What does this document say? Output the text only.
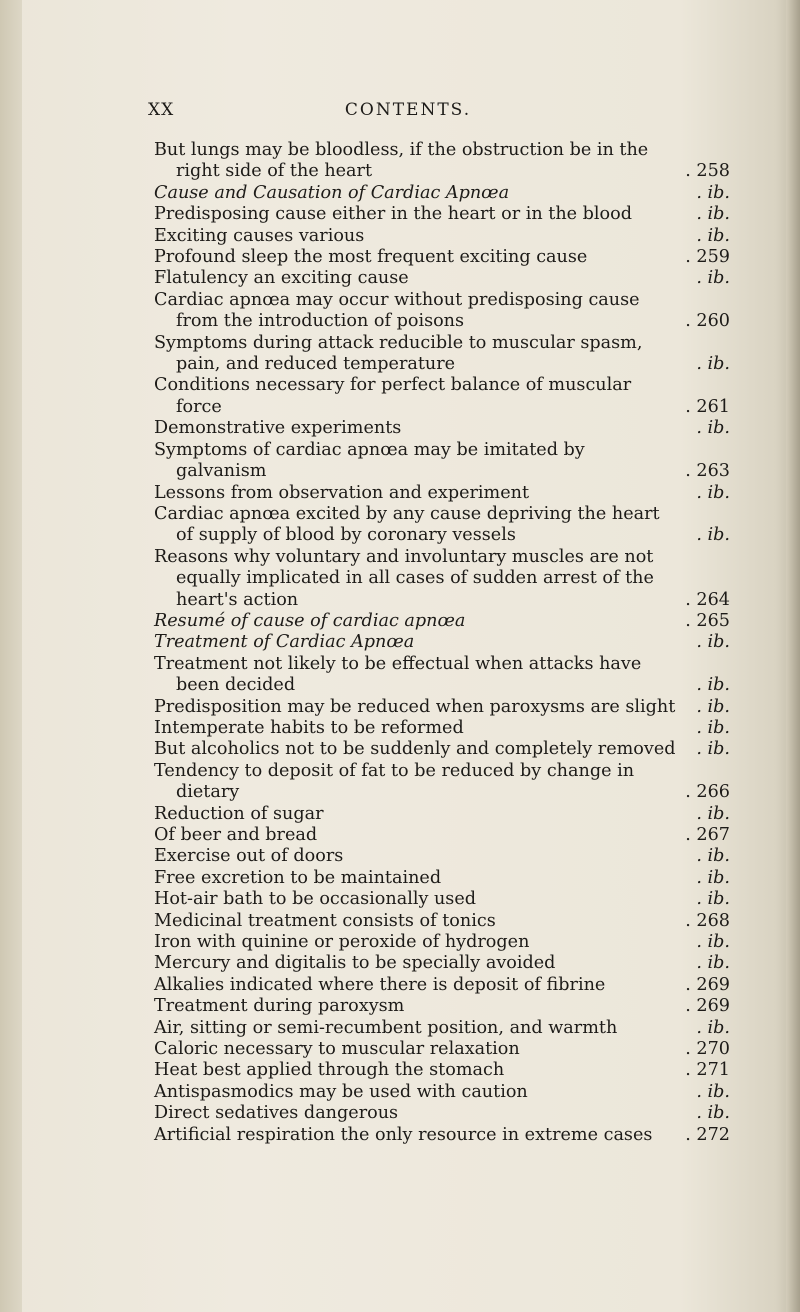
XX	CONTENTS.
But lungs may be bloodless, if the obstruction be in the right side of the heart	. 258
Cause and Causation of Cardiac Apnœa	. ib.
Predisposing cause either in the heart or in the blood	. ib.
Exciting causes various	. ib.
Profound sleep the most frequent exciting cause	. 259
Flatulency an exciting cause	. ib.
Cardiac apnœa may occur without predisposing cause from the introduction of poisons	. 260
Symptoms during attack reducible to muscular spasm, pain, and reduced temperature	. ib.
Conditions necessary for perfect balance of muscular force	. 261
Demonstrative experiments	. ib.
Symptoms of cardiac apnœa may be imitated by galvanism	. 263
Lessons from observation and experiment	. ib.
Cardiac apnœa excited by any cause depriving the heart of supply of blood by coronary vessels	. ib.
Reasons why voluntary and involuntary muscles are not equally implicated in all cases of sudden arrest of the heart's action	. 264
Resumé of cause of cardiac apnœa	. 265
Treatment of Cardiac Apnœa	. ib.
Treatment not likely to be effectual when attacks have been decided	. ib.
Predisposition may be reduced when paroxysms are slight	. ib.
Intemperate habits to be reformed	. ib.
But alcoholics not to be suddenly and completely removed	. ib.
Tendency to deposit of fat to be reduced by change in dietary	. 266
Reduction of sugar	. ib.
Of beer and bread	. 267
Exercise out of doors	. ib.
Free excretion to be maintained	. ib.
Hot-air bath to be occasionally used	. ib.
Medicinal treatment consists of tonics	. 268
Iron with quinine or peroxide of hydrogen	. ib.
Mercury and digitalis to be specially avoided	. ib.
Alkalies indicated where there is deposit of fibrine	. 269
Treatment during paroxysm	. 269
Air, sitting or semi-recumbent position, and warmth	. ib.
Caloric necessary to muscular relaxation	. 270
Heat best applied through the stomach	. 271
Antispasmodics may be used with caution	. ib.
Direct sedatives dangerous	. ib.
Artificial respiration the only resource in extreme cases	. 272
